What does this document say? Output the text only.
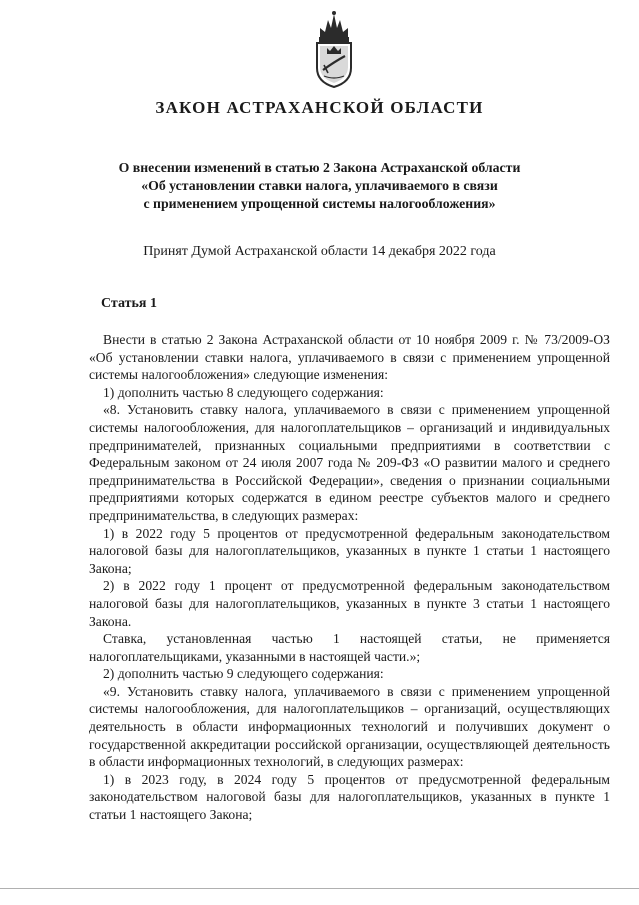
ЗАКОН АСТРАХАНСКОЙ ОБЛАСТИ
О внесении изменений в статью 2 Закона Астраханской области
«Об установлении ставки налога, уплачиваемого в связи
с применением упрощенной системы налогообложения»
Принят Думой Астраханской области 14 декабря 2022 года
Статья 1

Внести в статью 2 Закона Астраханской области от 10 ноября 2009 г. № 73/2009-ОЗ «Об установлении ставки налога, уплачиваемого в связи с применением упрощенной системы налогообложения» следующие изменения:

1) дополнить частью 8 следующего содержания:

«8. Установить ставку налога, уплачиваемого в связи с применением упрощенной системы налогообложения, для налогоплательщиков – организаций и индивидуальных предпринимателей, признанных социальными предприятиями в соответствии с Федеральным законом от 24 июля 2007 года № 209-ФЗ «О развитии малого и среднего предпринимательства в Российской Федерации», сведения о признании социальными предприятиями которых содержатся в едином реестре субъектов малого и среднего предпринимательства, в следующих размерах:

1) в 2022 году 5 процентов от предусмотренной федеральным законодательством налоговой базы для налогоплательщиков, указанных в пункте 1 статьи 1 настоящего Закона;

2) в 2022 году 1 процент от предусмотренной федеральным законодательством налоговой базы для налогоплательщиков, указанных в пункте 3 статьи 1 настоящего Закона.

Ставка, установленная частью 1 настоящей статьи, не применяется налогоплательщиками, указанными в настоящей части.»;

2) дополнить частью 9 следующего содержания:

«9. Установить ставку налога, уплачиваемого в связи с применением упрощенной системы налогообложения, для налогоплательщиков – организаций, осуществляющих деятельность в области информационных технологий и получивших документ о государственной аккредитации российской организации, осуществляющей деятельность в области информационных технологий, в следующих размерах:

1) в 2023 году, в 2024 году 5 процентов от предусмотренной федеральным законодательством налоговой базы для налогоплательщиков, указанных в пункте 1 статьи 1 настоящего Закона;
